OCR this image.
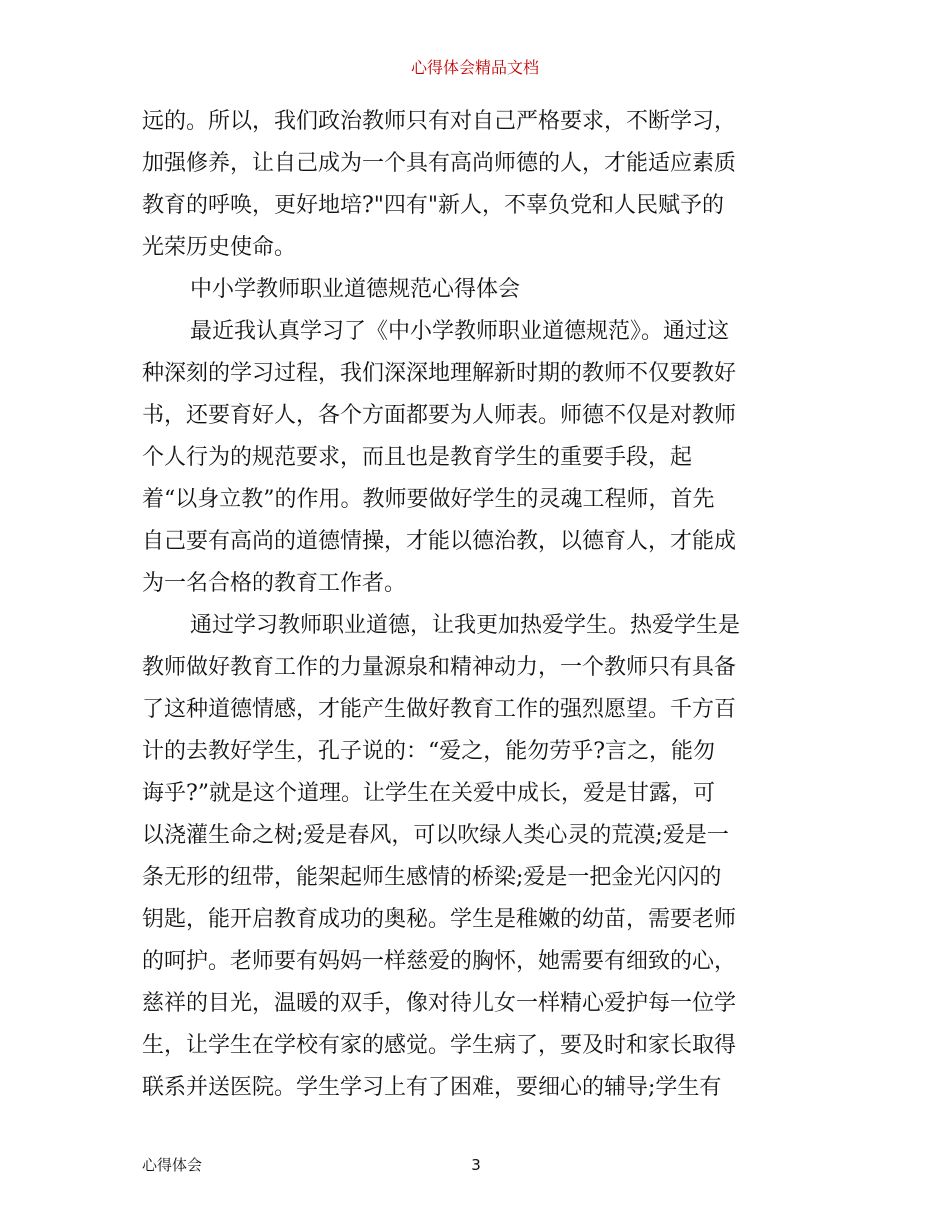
心得体会精品文档
远的。所以，我们政治教师只有对自己严格要求，不断学习，
加强修养，让自己成为一个具有高尚师德的人，才能适应素质
教育的呼唤，更好地培?"四有"新人，不辜负党和人民赋予的
光荣历史使命。
中小学教师职业道德规范心得体会
最近我认真学习了《中小学教师职业道德规范》。通过这
种深刻的学习过程，我们深深地理解新时期的教师不仅要教好
书，还要育好人，各个方面都要为人师表。师德不仅是对教师
个人行为的规范要求，而且也是教育学生的重要手段，起
着“以身立教”的作用。教师要做好学生的灵魂工程师，首先
自己要有高尚的道德情操，才能以德治教，以德育人，才能成
为一名合格的教育工作者。
通过学习教师职业道德，让我更加热爱学生。热爱学生是
教师做好教育工作的力量源泉和精神动力，一个教师只有具备
了这种道德情感，才能产生做好教育工作的强烈愿望。千方百
计的去教好学生，孔子说的：“爱之，能勿劳乎?言之，能勿
诲乎?”就是这个道理。让学生在关爱中成长，爱是甘露，可
以浇灌生命之树;爱是春风，可以吹绿人类心灵的荒漠;爱是一
条无形的纽带，能架起师生感情的桥梁;爱是一把金光闪闪的
钥匙，能开启教育成功的奥秘。学生是稚嫩的幼苗，需要老师
的呵护。老师要有妈妈一样慈爱的胸怀，她需要有细致的心，
慈祥的目光，温暖的双手，像对待儿女一样精心爱护每一位学
生，让学生在学校有家的感觉。学生病了，要及时和家长取得
联系并送医院。学生学习上有了困难，要细心的辅导;学生有
心得体会	3
